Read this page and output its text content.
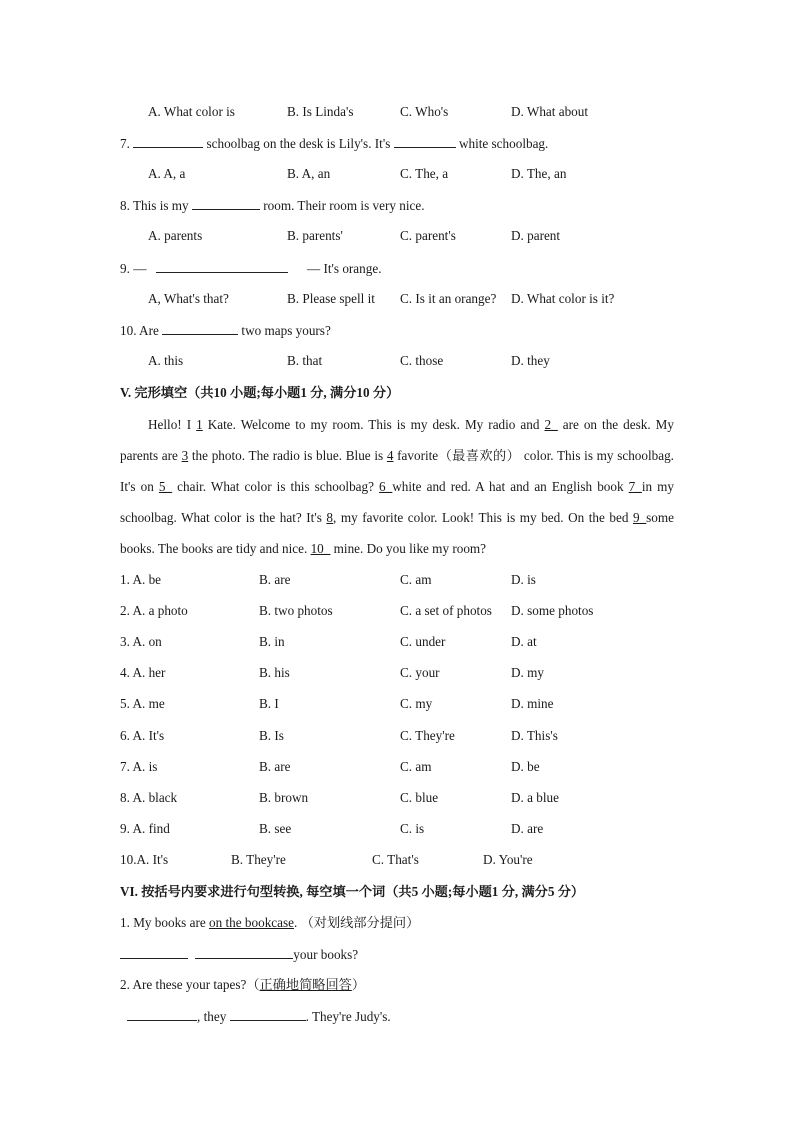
A. What color is	B. Is Linda's	C. Who's	D. What about
7.	schoolbag on the desk is Lily's. It's	white schoolbag.
A. A, a	B. A, an	C. The, a	D. The, an
8. This is my	room. Their room is very nice.
A. parents	B. parents'	C. parent's	D. parent
9. —	— It's orange.
A, What's that?	B. Please spell it C. Is it an orange? D. What color is it?
10. Are	two maps yours?
A. this	B. that	C. those	D. they
V. 完形填空（共10 小题;每小题1 分, 满分10 分）

Hello! I 1 Kate. Welcome to my room. This is my desk. My radio and 2_ are on the desk. My parents are 3 the photo. The radio is blue. Blue is 4 favorite（最喜欢的） color. This is my schoolbag. It's on 5_ chair. What color is this schoolbag? 6_white and red. A hat and an English book 7_in my schoolbag. What color is the hat? It's 8, my favorite color. Look! This is my bed. On the bed 9_some books. The books are tidy and nice. 10_ mine. Do you like my room?

1. A. be	B. are	C. am	D. is
2. A. a photo	B. two photos	C. a set of photos D. some photos
3. A. on	B. in	C. under	D. at
4. A. her	B. his	C. your	D. my
5. A. me	B. I	C. my	D. mine
6. A. It's	B. Is	C. They're	D. This's
7. A. is	B. are	C. am	D. be
8. A. black	B. brown	C. blue	D. a blue
9. A. find	B. see	C. is	D. are
10.A. It's	B. They're	C. That's	D. You're
VI. 按括号内要求进行句型转换, 每空填一个词（共5 小题;每小题1 分, 满分5 分）
1. My books are on the bookcase. （对划线部分提问）
your books?
2. Are these your tapes?（正确地简略回答）
, they	. They're Judy's.
